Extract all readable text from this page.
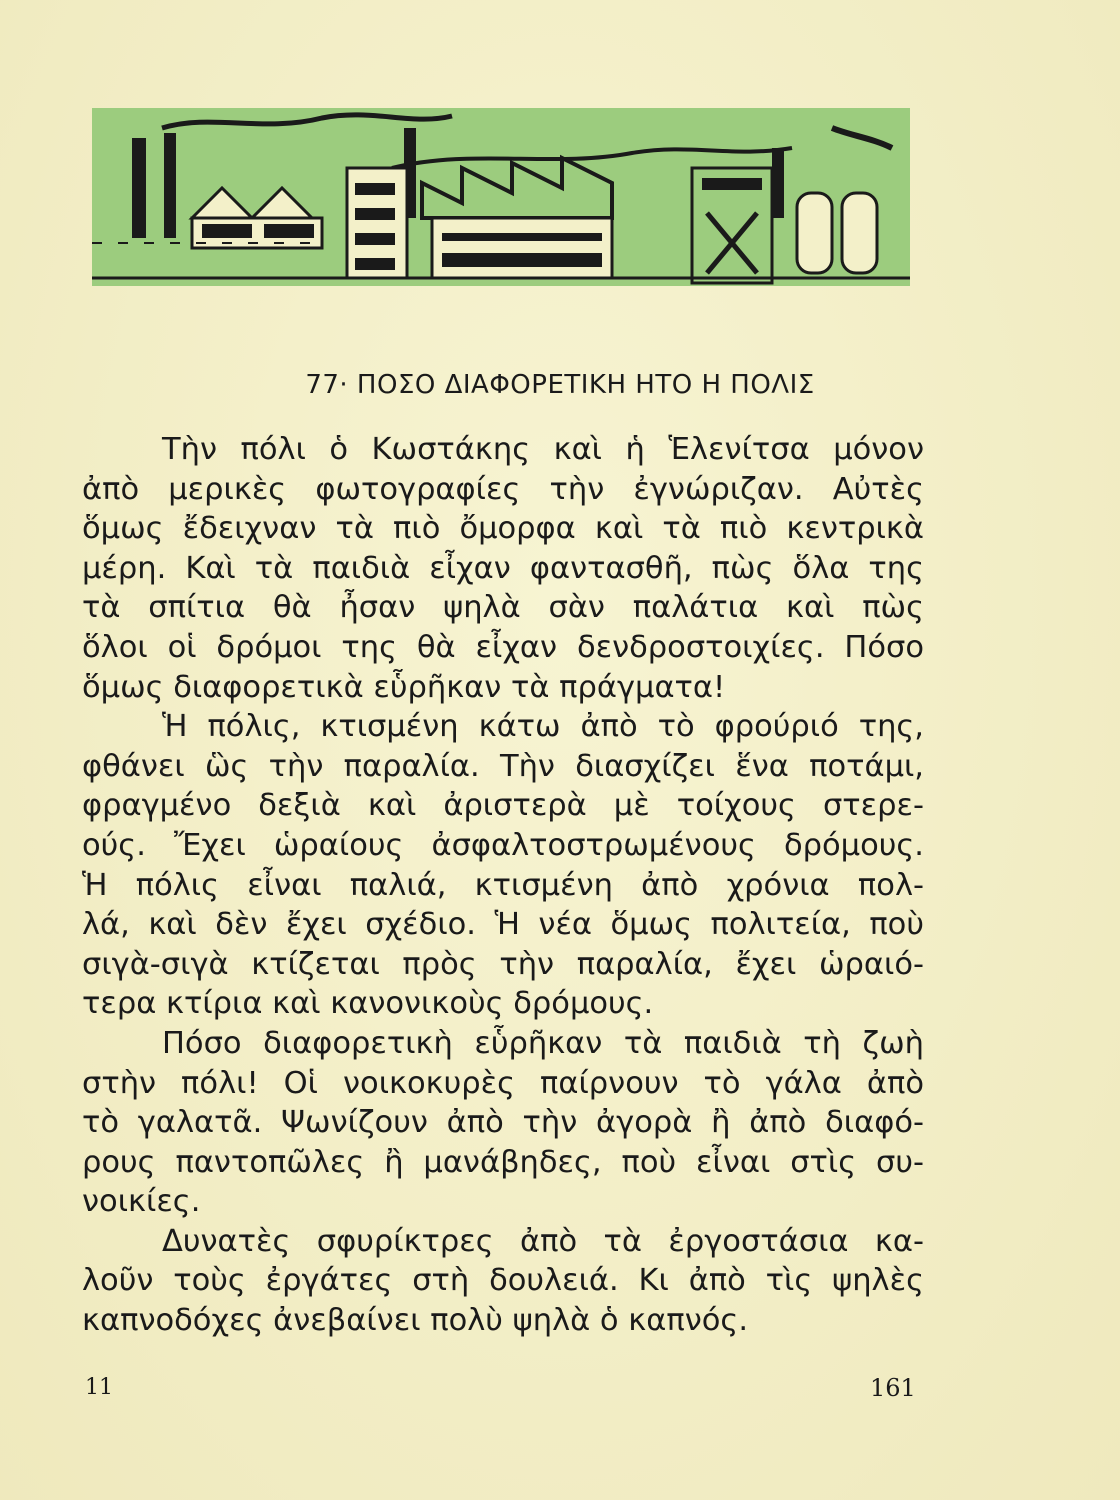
77· ΠΟΣΟ ΔΙΑΦΟΡΕΤΙΚΗ ΗΤΟ Η ΠΟΛΙΣ
Τὴν πόλι ὁ Κωστάκης καὶ ἡ Ἑλενίτσα μόνον
ἀπὸ μερικὲς φωτογραφίες τὴν ἐγνώριζαν. Αὐτὲς
ὅμως ἔδειχναν τὰ πιὸ ὄμορφα καὶ τὰ πιὸ κεντρικὰ
μέρη. Καὶ τὰ παιδιὰ εἶχαν φαντασθῆ, πὼς ὅλα της
τὰ σπίτια θὰ ἦσαν ψηλὰ σὰν παλάτια καὶ πὼς
ὅλοι οἱ δρόμοι της θὰ εἶχαν δενδροστοιχίες. Πόσο
ὅμως διαφορετικὰ εὗρῆκαν τὰ πράγματα!
Ἡ πόλις, κτισμένη κάτω ἀπὸ τὸ φρούριό της,
φθάνει ὣς τὴν παραλία. Τὴν διασχίζει ἕνα ποτάμι,
φραγμένο δεξιὰ καὶ ἀριστερὰ μὲ τοίχους στερε-
ούς. Ἔχει ὡραίους ἀσφαλτοστρωμένους δρόμους.
Ἡ πόλις εἶναι παλιά, κτισμένη ἀπὸ χρόνια πολ-
λά, καὶ δὲν ἔχει σχέδιο. Ἡ νέα ὅμως πολιτεία, ποὺ
σιγὰ-σιγὰ κτίζεται πρὸς τὴν παραλία, ἔχει ὡραιό-
τερα κτίρια καὶ κανονικοὺς δρόμους.
Πόσο διαφορετικὴ εὗρῆκαν τὰ παιδιὰ τὴ ζωὴ
στὴν πόλι! Οἱ νοικοκυρὲς παίρνουν τὸ γάλα ἀπὸ
τὸ γαλατᾶ. Ψωνίζουν ἀπὸ τὴν ἀγορὰ ἢ ἀπὸ διαφό-
ρους παντοπῶλες ἢ μανάβηδες, ποὺ εἶναι στὶς συ-
νοικίες.
Δυνατὲς σφυρίκτρες ἀπὸ τὰ ἐργοστάσια κα-
λοῦν τοὺς ἐργάτες στὴ δουλειά. Κι ἀπὸ τὶς ψηλὲς
καπνοδόχες ἀνεβαίνει πολὺ ψηλὰ ὁ καπνός.
11	161
